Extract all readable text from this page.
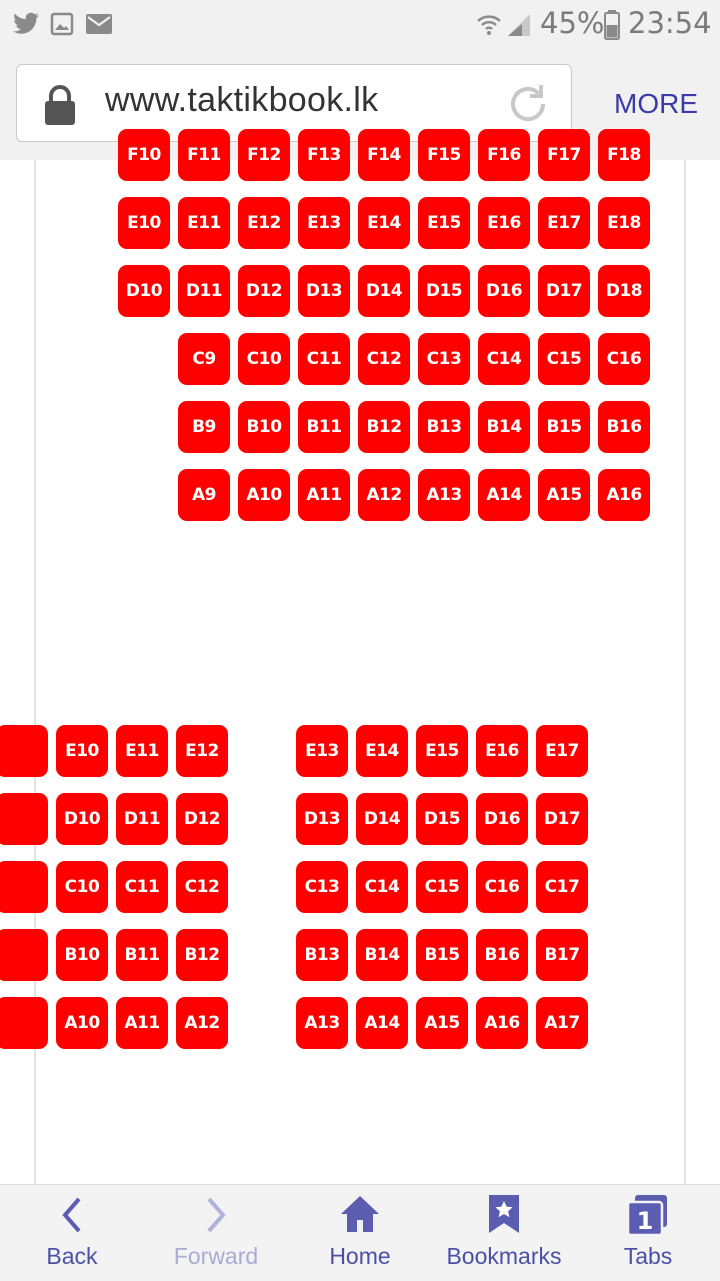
45% 23:54
www.taktikbook.lk	MORE
F10	F11	F12	F13	F14	F15	F16	F17	F18
E10	E11	E12	E13	E14	E15	E16	E17	E18
D10	D11	D12	D13	D14	D15	D16	D17	D18
C9	C10	C11	C12	C13	C14	C15	C16
B9	B10	B11	B12	B13	B14	B15	B16
A9	A10	A11	A12	A13	A14	A15	A16
E10	E11	E12	E13	E14	E15	E16	E17
D10	D11	D12	D13	D14	D15	D16	D17
C10	C11	C12	C13	C14	C15	C16	C17
B10	B11	B12	B13	B14	B15	B16	B17
A10	A11	A12	A13	A14	A15	A16	A17
Back	Forward	Home	Bookmarks
1
Tabs
